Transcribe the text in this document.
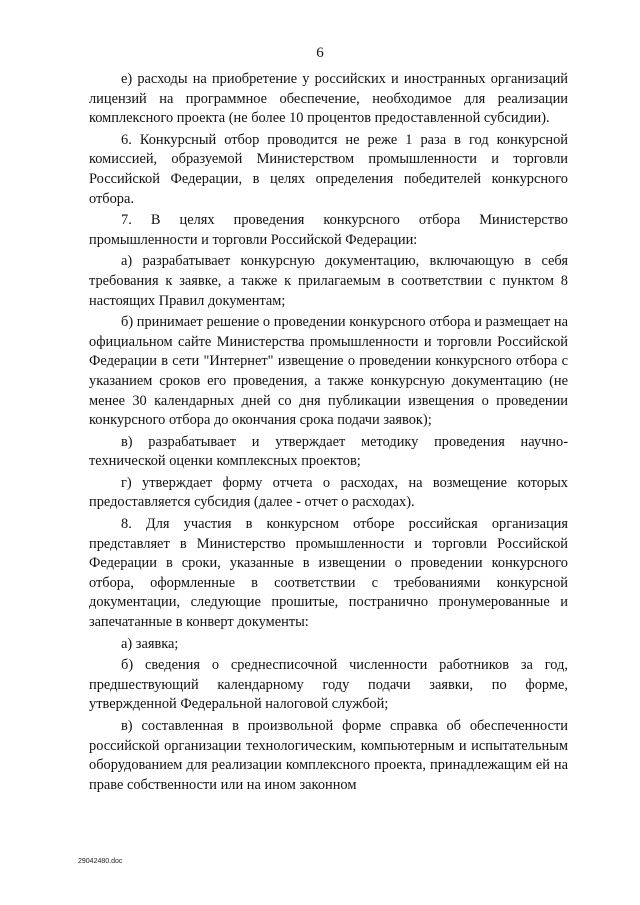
6

е) расходы на приобретение у российских и иностранных организаций лицензий на программное обеспечение, необходимое для реализации комплексного проекта (не более 10 процентов предоставленной субсидии).

6. Конкурсный отбор проводится не реже 1 раза в год конкурсной комиссией, образуемой Министерством промышленности и торговли Российской Федерации, в целях определения победителей конкурсного отбора.

7. В целях проведения конкурсного отбора Министерство промышленности и торговли Российской Федерации:

а) разрабатывает конкурсную документацию, включающую в себя требования к заявке, а также к прилагаемым в соответствии с пунктом 8 настоящих Правил документам;

б) принимает решение о проведении конкурсного отбора и размещает на официальном сайте Министерства промышленности и торговли Российской Федерации в сети "Интернет" извещение о проведении конкурсного отбора с указанием сроков его проведения, а также конкурсную документацию (не менее 30 календарных дней со дня публикации извещения о проведении конкурсного отбора до окончания срока подачи заявок);

в) разрабатывает и утверждает методику проведения научно-технической оценки комплексных проектов;

г) утверждает форму отчета о расходах, на возмещение которых предоставляется субсидия (далее - отчет о расходах).

8. Для участия в конкурсном отборе российская организация представляет в Министерство промышленности и торговли Российской Федерации в сроки, указанные в извещении о проведении конкурсного отбора, оформленные в соответствии с требованиями конкурсной документации, следующие прошитые, постранично пронумерованные и запечатанные в конверт документы:

а) заявка;

б) сведения о среднесписочной численности работников за год, предшествующий календарному году подачи заявки, по форме, утвержденной Федеральной налоговой службой;

в) составленная в произвольной форме справка об обеспеченности российской организации технологическим, компьютерным и испытательным оборудованием для реализации комплексного проекта, принадлежащим ей на праве собственности или на ином законном

29042480.doc
